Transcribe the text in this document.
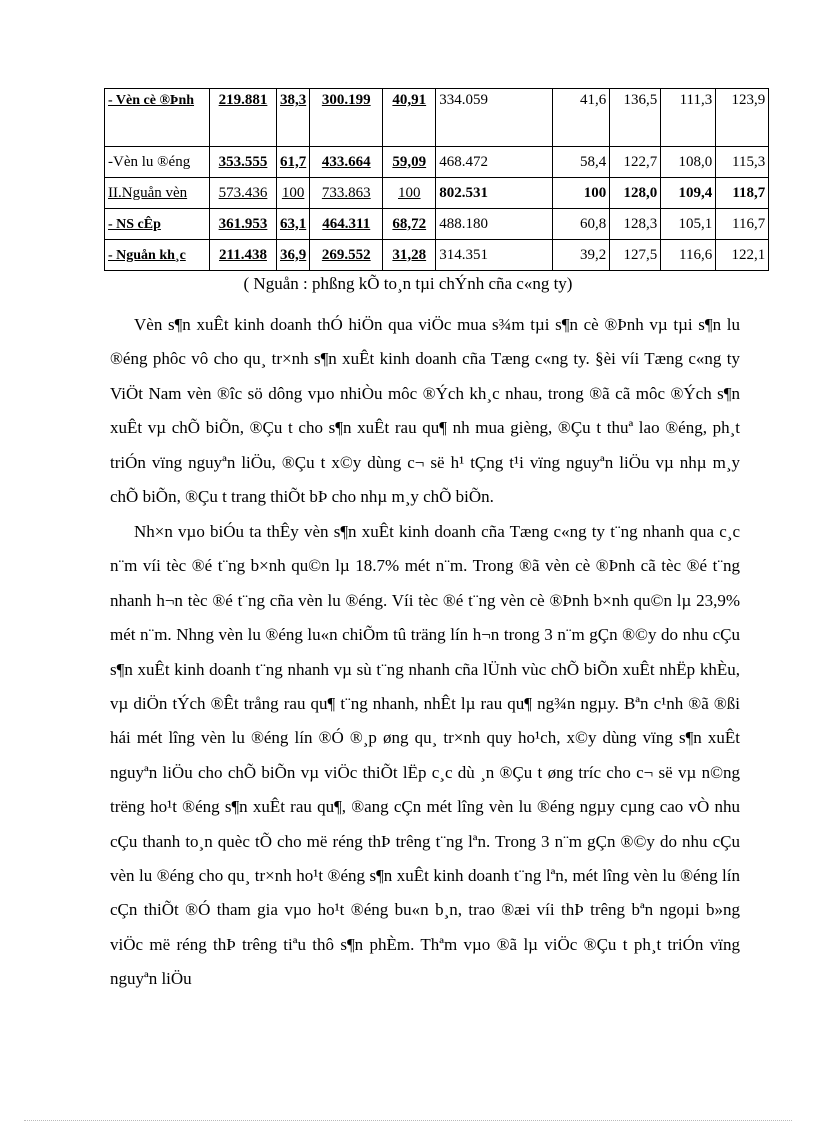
- Vèn cè ®Þnh	219.881	38,3	300.199	40,91	334.059	41,6	136,5	111,3	123,9
-Vèn lu ®éng	353.555	61,7	433.664	59,09	468.472	58,4	122,7	108,0	115,3
II.Nguån vèn	573.436	100	733.863	100	802.531	100	128,0	109,4	118,7
- NS cÊp	361.953	63,1	464.311	68,72	488.180	60,8	128,3	105,1	116,7
- Nguån kh¸c	211.438	36,9	269.552	31,28	314.351	39,2	127,5	116,6	122,1
( Nguån : phßng kÕ to¸n tµi chÝnh cña c«ng ty)

Vèn s¶n xuÊt kinh doanh thÓ hiÖn qua viÖc mua s¾m tµi s¶n cè ®Þnh vµ tµi s¶n lu ®éng phôc vô cho qu¸ tr×nh s¶n xuÊt kinh doanh cña Tæng c«ng ty. §èi víi Tæng c«ng ty ViÖt Nam vèn ®îc sö dông vµo nhiÒu môc ®Ých kh¸c nhau, trong ®ã cã môc ®Ých s¶n xuÊt vµ chÕ biÕn, ®Çu t cho s¶n xuÊt rau qu¶ nh mua gièng, ®Çu t thuª lao ®éng, ph¸t triÓn vïng nguyªn liÖu, ®Çu t x©y dùng c¬ së h¹ tÇng t¹i vïng nguyªn liÖu vµ nhµ m¸y chÕ biÕn, ®Çu t trang thiÕt bÞ cho nhµ m¸y chÕ biÕn.

Nh×n vµo biÓu ta thÊy vèn s¶n xuÊt kinh doanh cña Tæng c«ng ty t¨ng nhanh qua c¸c n¨m víi tèc ®é t¨ng b×nh qu©n lµ 18.7% mét n¨m. Trong ®ã vèn cè ®Þnh cã tèc ®é t¨ng nhanh h¬n tèc ®é t¨ng cña vèn lu ®éng. Víi tèc ®é t¨ng vèn cè ®Þnh b×nh qu©n lµ 23,9% mét n¨m. Nhng vèn lu ®éng lu«n chiÕm tû träng lín h¬n trong 3 n¨m gÇn ®©y do nhu cÇu s¶n xuÊt kinh doanh t¨ng nhanh vµ sù t¨ng nhanh cña lÜnh vùc chÕ biÕn xuÊt nhËp khÈu, vµ diÖn tÝch ®Êt trång rau qu¶ t¨ng nhanh, nhÊt lµ rau qu¶ ng¾n ngµy. Bªn c¹nh ®ã ®ßi hái mét lîng vèn lu ®éng lín ®Ó ®¸p øng qu¸ tr×nh quy ho¹ch, x©y dùng vïng s¶n xuÊt nguyªn liÖu cho chÕ biÕn vµ viÖc thiÕt lËp c¸c dù ¸n ®Çu t øng tríc cho c¬ së vµ n©ng trëng ho¹t ®éng s¶n xuÊt rau qu¶, ®ang cÇn mét lîng vèn lu ®éng ngµy cµng cao vÒ nhu cÇu thanh to¸n quèc tÕ cho më réng thÞ trêng t¨ng lªn. Trong 3 n¨m gÇn ®©y do nhu cÇu vèn lu ®éng cho qu¸ tr×nh ho¹t ®éng s¶n xuÊt kinh doanh t¨ng lªn, mét lîng vèn lu ®éng lín cÇn thiÕt ®Ó tham gia vµo ho¹t ®éng bu«n b¸n, trao ®æi víi thÞ trêng bªn ngoµi b»ng viÖc më réng thÞ trêng tiªu thô s¶n phÈm. Thªm vµo ®ã lµ viÖc ®Çu t ph¸t triÓn vïng nguyªn liÖu
